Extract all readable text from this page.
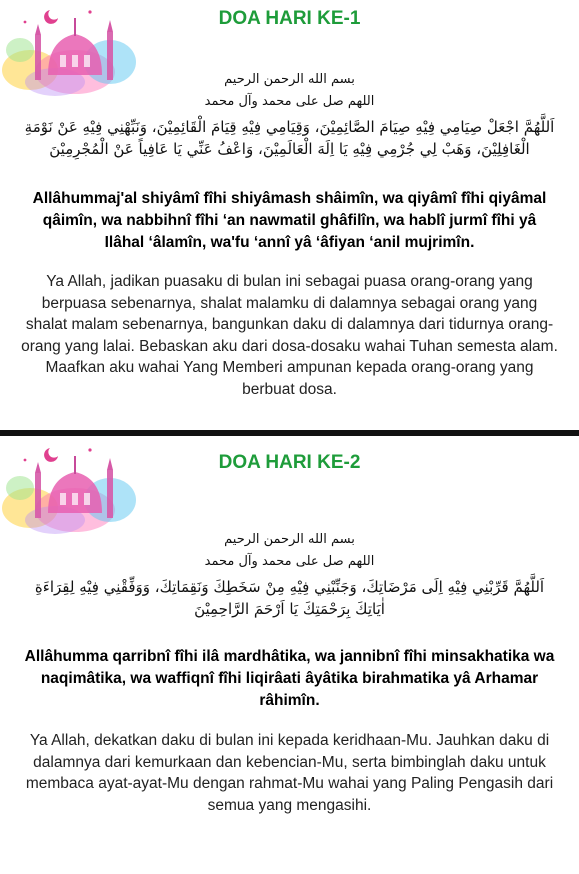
DOA HARI KE-1
بسم الله الرحمن الرحيم
اللهم صل على محمد وآل محمد
اَللَّهُمَّ اجْعَلْ صِيَامِي فِيْهِ صِيَامَ الصَّائِمِيْنَ، وَقِيَامِي فِيْهِ قِيَامَ الْقَائِمِيْنَ، وَنَبِّهْنِي فِيْهِ عَنْ نَوْمَةِ الْغَافِلِيْنَ، وَهَبْ لِي جُرْمِي فِيْهِ يَا اِلَهَ الْعَالَمِيْنَ، وَاعْفُ عَنِّي يَا عَافِياً عَنْ الْمُجْرِمِيْنَ
Allâhummaj'al shiyâmî fîhi shiyâmash shâimîn, wa qiyâmî fîhi qiyâmal qâimîn, wa nabbihnî fîhi ‘an nawmatil ghâfilîn, wa hablî jurmî fîhi yâ Ilâhal ‘âlamîn, wa'fu ‘annî yâ ‘âfiyan ‘anil mujrimîn.
Ya Allah, jadikan puasaku di bulan ini sebagai puasa orang-orang yang berpuasa sebenarnya, shalat malamku di dalamnya sebagai orang yang shalat malam sebenarnya, bangunkan daku di dalamnya dari tidurnya orang-orang yang lalai. Bebaskan aku dari dosa-dosaku wahai Tuhan semesta alam. Maafkan aku wahai Yang Memberi ampunan kepada orang-orang yang berbuat dosa.
DOA HARI KE-2
بسم الله الرحمن الرحيم
اللهم صل على محمد وآل محمد
اَللَّهُمَّ قَرِّبْنِي فِيْهِ اِلَى مَرْضَاتِكَ، وَجَنِّبْنِي فِيْهِ مِنْ سَخَطِكَ وَنَقِمَاتِكَ، وَوَفِّقْنِي فِيْهِ لِقِرَاءَةِ اٰيَاتِكَ بِرَحْمَتِكَ يَا اَرْحَمَ الرَّاحِمِيْنَ
Allâhumma qarribnî fîhi ilâ mardhâtika, wa jannibnî fîhi minsakhatika wa naqimâtika, wa waffiqnî fîhi liqirâati âyâtika birahmatika yâ Arhamar râhimîn.
Ya Allah, dekatkan daku di bulan ini kepada keridhaan-Mu. Jauhkan daku di dalamnya dari kemurkaan dan kebencian-Mu, serta bimbinglah daku untuk membaca ayat-ayat-Mu dengan rahmat-Mu wahai yang Paling Pengasih dari semua yang mengasihi.
